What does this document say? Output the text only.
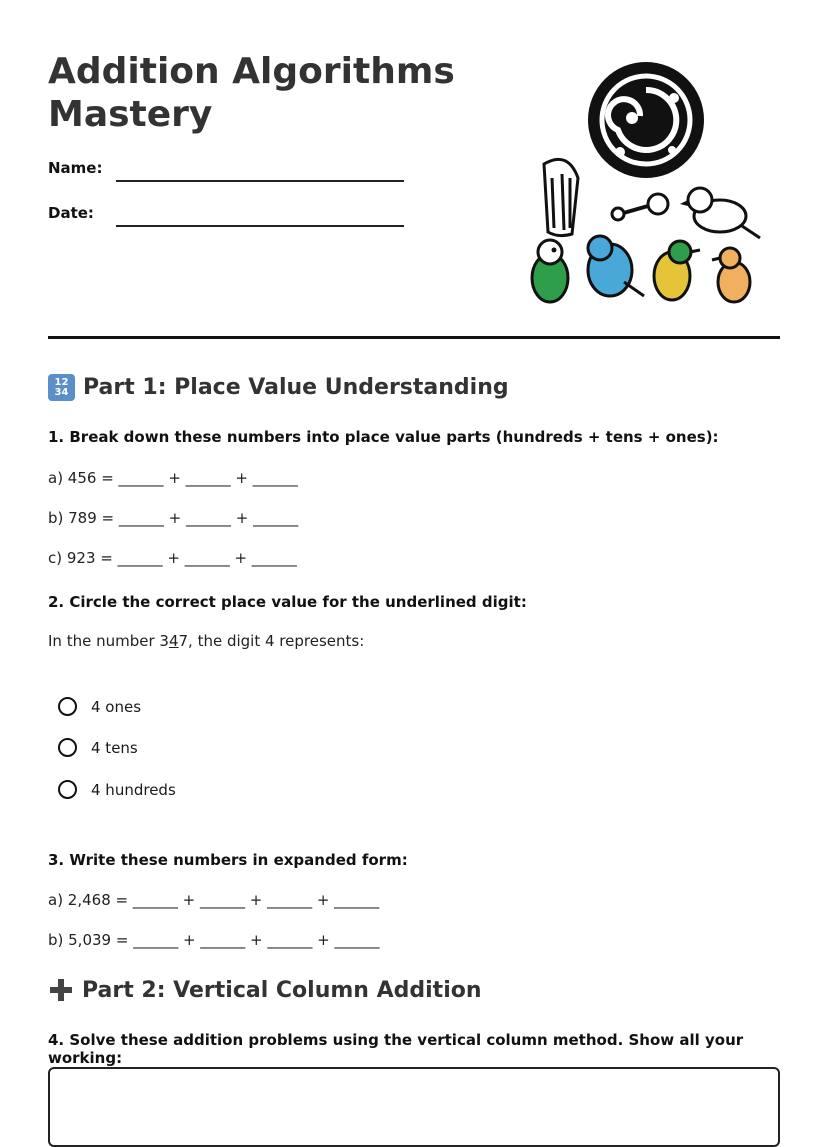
Addition Algorithms
Mastery
Name:
Date:
12
34 Part 1: Place Value Understanding
1. Break down these numbers into place value parts (hundreds + tens + ones):
a) 456 = ______ + ______ + ______
b) 789 = ______ + ______ + ______
c) 923 = ______ + ______ + ______
2. Circle the correct place value for the underlined digit:
In the number 347, the digit 4 represents:
4 ones
4 tens
4 hundreds
3. Write these numbers in expanded form:
a) 2,468 = ______ + ______ + ______ + ______
b) 5,039 = ______ + ______ + ______ + ______
Part 2: Vertical Column Addition
4. Solve these addition problems using the vertical column method. Show all your working:
